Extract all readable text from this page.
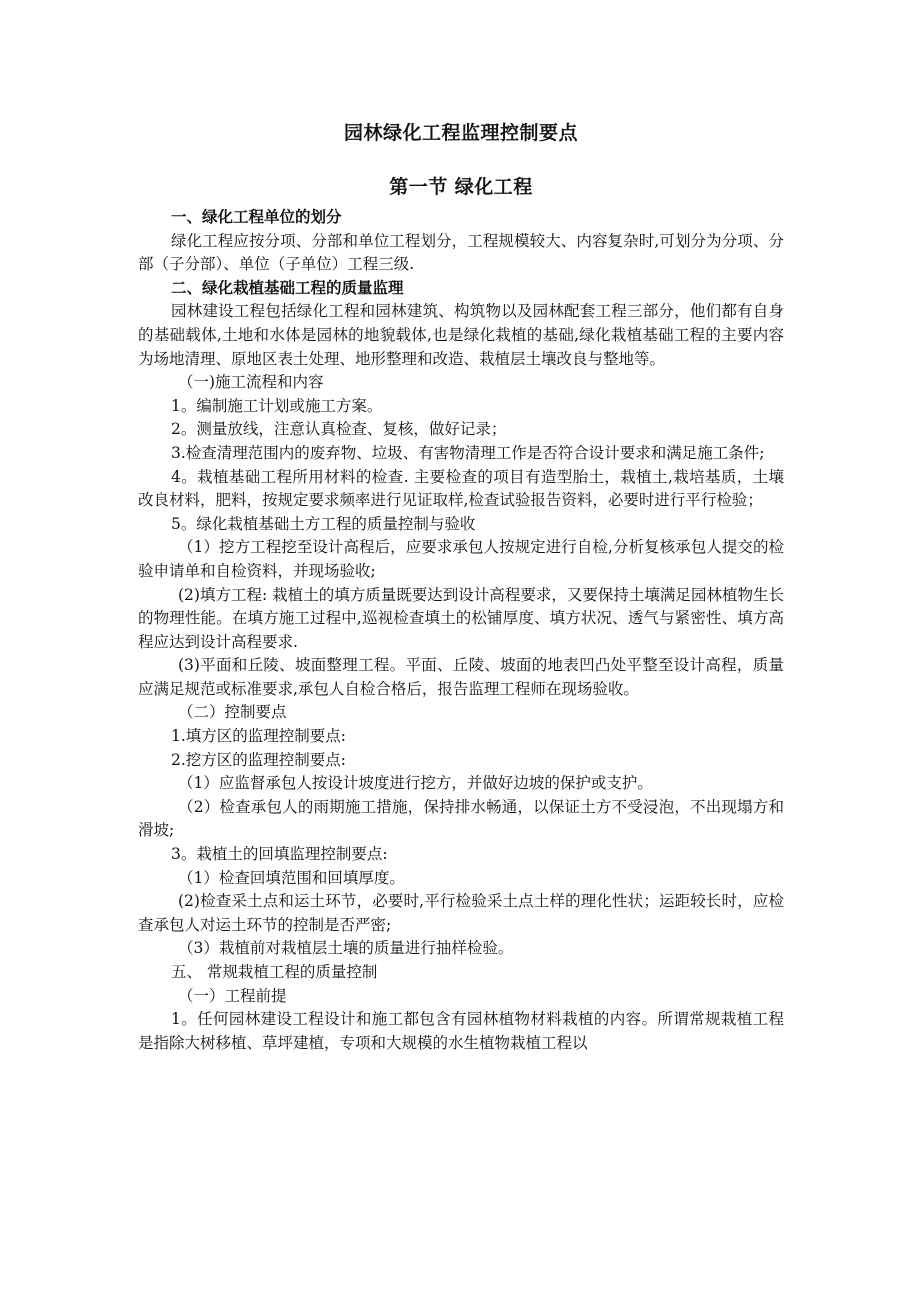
园林绿化工程监理控制要点
第一节 绿化工程
一、绿化工程单位的划分
绿化工程应按分项、分部和单位工程划分，工程规模较大、内容复杂时,可划分为分项、分部（子分部）、单位（子单位）工程三级.
二、绿化栽植基础工程的质量监理
园林建设工程包括绿化工程和园林建筑、构筑物以及园林配套工程三部分，他们都有自身的基础载体,土地和水体是园林的地貌载体,也是绿化栽植的基础,绿化栽植基础工程的主要内容为场地清理、原地区表土处理、地形整理和改造、栽植层土壤改良与整地等。
（一)施工流程和内容
1。编制施工计划或施工方案。
2。测量放线，注意认真检查、复核，做好记录；
3.检查清理范围内的废弃物、垃圾、有害物清理工作是否符合设计要求和满足施工条件;
4。栽植基础工程所用材料的检查. 主要检查的项目有造型胎土，栽植土,栽培基质，土壤改良材料，肥料，按规定要求频率进行见证取样,检查试验报告资料，必要时进行平行检验；
5。绿化栽植基础土方工程的质量控制与验收
（1）挖方工程挖至设计高程后，应要求承包人按规定进行自检,分析复核承包人提交的检验申请单和自检资料，并现场验收;
(2)填方工程: 栽植土的填方质量既要达到设计高程要求，又要保持土壤满足园林植物生长的物理性能。在填方施工过程中,巡视检查填土的松铺厚度、填方状况、透气与紧密性、填方高程应达到设计高程要求.
(3)平面和丘陵、坡面整理工程。平面、丘陵、坡面的地表凹凸处平整至设计高程，质量应满足规范或标准要求,承包人自检合格后，报告监理工程师在现场验收。
（二）控制要点
1.填方区的监理控制要点:
2.挖方区的监理控制要点:
（1）应监督承包人按设计坡度进行挖方，并做好边坡的保护或支护。
（2）检查承包人的雨期施工措施，保持排水畅通，以保证土方不受浸泡，不出现塌方和滑坡;
3。栽植土的回填监理控制要点:
（1）检查回填范围和回填厚度。
(2)检查采土点和运土环节，必要时,平行检验采土点土样的理化性状；运距较长时，应检查承包人对运土环节的控制是否严密;
（3）栽植前对栽植层土壤的质量进行抽样检验。
五、 常规栽植工程的质量控制
（一）工程前提
1。任何园林建设工程设计和施工都包含有园林植物材料栽植的内容。所谓常规栽植工程是指除大树移植、草坪建植，专项和大规模的水生植物栽植工程以
